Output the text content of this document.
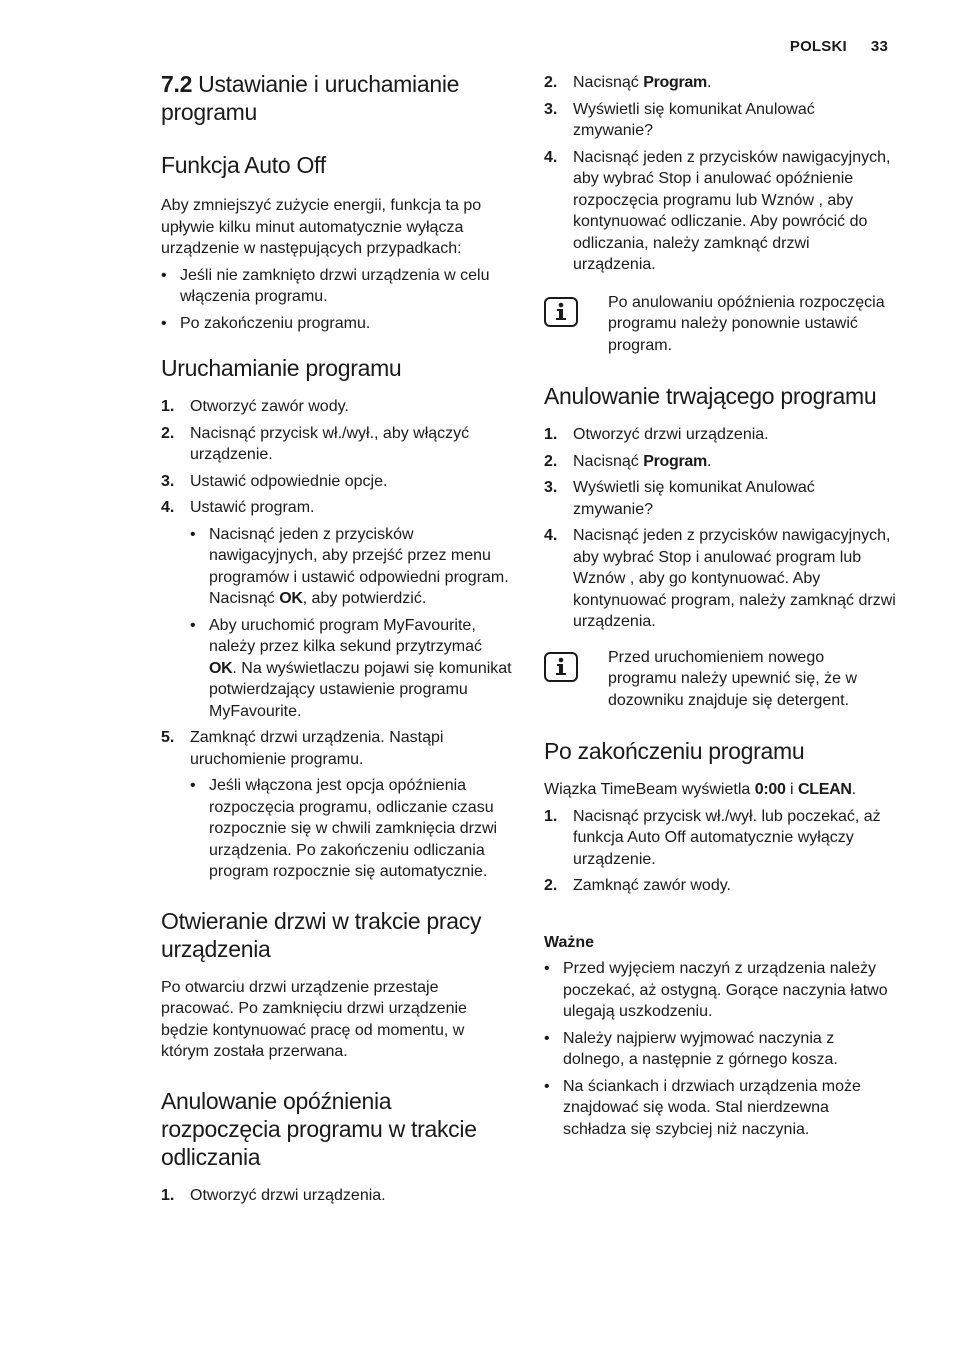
POLSKI 33
7.2 Ustawianie i uruchamianie programu
Funkcja Auto Off

Aby zmniejszyć zużycie energii, funkcja ta po upływie kilku minut automatycznie wyłącza urządzenie w następujących przypadkach:

• Jeśli nie zamknięto drzwi urządzenia w celu włączenia programu.
• Po zakończeniu programu.
Uruchamianie programu
1. Otworzyć zawór wody.
2. Nacisnąć przycisk wł./wył., aby włączyć urządzenie.
3. Ustawić odpowiednie opcje.
4. Ustawić program.
• Nacisnąć jeden z przycisków nawigacyjnych, aby przejść przez menu programów i ustawić odpowiedni program. Nacisnąć OK, aby potwierdzić.
• Aby uruchomić program MyFavourite, należy przez kilka sekund przytrzymać OK. Na wyświetlaczu pojawi się komunikat potwierdzający ustawienie programu MyFavourite.
5. Zamknąć drzwi urządzenia. Nastąpi uruchomienie programu.
• Jeśli włączona jest opcja opóźnienia rozpoczęcia programu, odliczanie czasu rozpocznie się w chwili zamknięcia drzwi urządzenia. Po zakończeniu odliczania program rozpocznie się automatycznie.
Otwieranie drzwi w trakcie pracy urządzenia

Po otwarciu drzwi urządzenie przestaje pracować. Po zamknięciu drzwi urządzenie będzie kontynuować pracę od momentu, w którym została przerwana.

Anulowanie opóźnienia rozpoczęcia programu w trakcie odliczania
1. Otworzyć drzwi urządzenia.
2. Nacisnąć Program.
3. Wyświetli się komunikat Anulować zmywanie?
4. Nacisnąć jeden z przycisków nawigacyjnych, aby wybrać Stop i anulować opóźnienie rozpoczęcia programu lub Wznów , aby kontynuować odliczanie. Aby powrócić do odliczania, należy zamknąć drzwi urządzenia.
Po anulowaniu opóźnienia rozpoczęcia programu należy ponownie ustawić program.
Anulowanie trwającego programu
1. Otworzyć drzwi urządzenia.
2. Nacisnąć Program.
3. Wyświetli się komunikat Anulować zmywanie?
4. Nacisnąć jeden z przycisków nawigacyjnych, aby wybrać Stop i anulować program lub Wznów , aby go kontynuować. Aby kontynuować program, należy zamknąć drzwi urządzenia.
Przed uruchomieniem nowego programu należy upewnić się, że w dozowniku znajduje się detergent.
Po zakończeniu programu

Wiązka TimeBeam wyświetla 0:00 i CLEAN.

1. Nacisnąć przycisk wł./wył. lub poczekać, aż funkcja Auto Off automatycznie wyłączy urządzenie.
2. Zamknąć zawór wody.
Ważne
• Przed wyjęciem naczyń z urządzenia należy poczekać, aż ostygną. Gorące naczynia łatwo ulegają uszkodzeniu.
• Należy najpierw wyjmować naczynia z dolnego, a następnie z górnego kosza.
• Na ściankach i drzwiach urządzenia może znajdować się woda. Stal nierdzewna schładza się szybciej niż naczynia.
